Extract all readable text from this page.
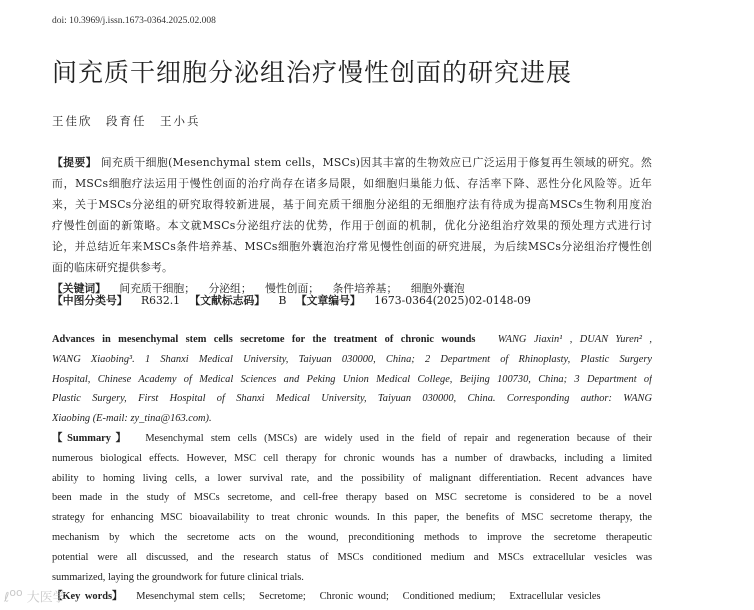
doi: 10.3969/j.issn.1673-0364.2025.02.008
间充质干细胞分泌组治疗慢性创面的研究进展
王佳欣　段育任　王小兵
【提要】 间充质干细胞(Mesenchymal stem cells，MSCs)因其丰富的生物效应已广泛运用于修复再生领域的研究。然
而，MSCs细胞疗法运用于慢性创面的治疗尚存在诸多局限，如细胞归巢能力低、存活率下降、恶性分化风险等。近年
来，关于MSCs分泌组的研究取得较新进展，基于间充质干细胞分泌组的无细胞疗法有待成为提高MSCs生物利用度治
疗慢性创面的新策略。本文就MSCs分泌组疗法的优势，作用于创面的机制，优化分泌组治疗效果的预处理方式进行讨
论，并总结近年来MSCs条件培养基、MSCs细胞外囊泡治疗常见慢性创面的研究进展，为后续MSCs分泌组治疗慢性创
面的临床研究提供参考。
【关键词】 间充质干细胞； 分泌组； 慢性创面； 条件培养基； 细胞外囊泡
【中图分类号】 R632.1 【文献标志码】 B 【文章编号】 1673-0364(2025)02-0148-09
Advances in mesenchymal stem cells secretome for the treatment of chronic wounds WANG Jiaxin¹ , DUAN Yuren² ,
WANG Xiaobing³. 1 Shanxi Medical University, Taiyuan 030000, China; 2 Department of Rhinoplasty, Plastic Surgery
Hospital, Chinese Academy of Medical Sciences and Peking Union Medical College, Beijing 100730, China; 3 Department of
Plastic Surgery, First Hospital of Shanxi Medical University, Taiyuan 030000, China. Corresponding author: WANG
Xiaobing (E-mail: zy_tina@163.com).
【Summary】 Mesenchymal stem cells (MSCs) are widely used in the field of repair and regeneration because of their
numerous biological effects. However, MSC cell therapy for chronic wounds has a number of drawbacks, including a limited
ability to homing living cells, a lower survival rate, and the possibility of malignant differentiation. Recent advances have
been made in the study of MSCs secretome, and cell-free therapy based on MSC secretome is considered to be a novel
strategy for enhancing MSC bioavailability to treat chronic wounds. In this paper, the benefits of MSC secretome therapy, the
mechanism by which the secretome acts on the wound, preconditioning methods to improve the secretome therapeutic
potential were all discussed, and the research status of MSCs conditioned medium and MSCs extracellular vesicles was
summarized, laying the groundwork for future clinical trials.
【Key words】 Mesenchymal stem cells; Secretome; Chronic wound; Conditioned medium; Extracellular vesicles
ℓ$^{oo}$ 大医学
